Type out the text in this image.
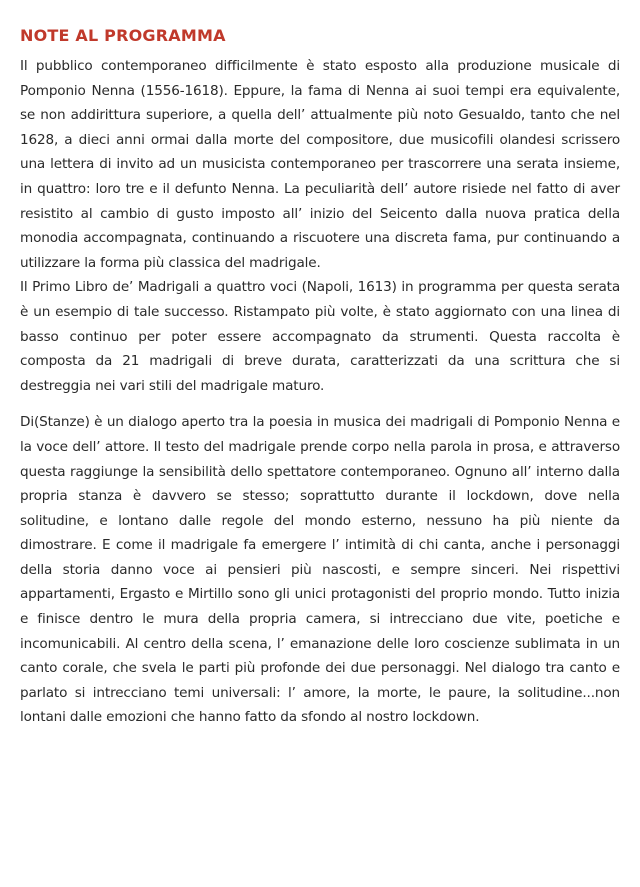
NOTE AL PROGRAMMA

Il pubblico contemporaneo difficilmente è stato esposto alla produzione musicale di Pomponio Nenna (1556-1618). Eppure, la fama di Nenna ai suoi tempi era equivalente, se non addirittura superiore, a quella dell’ attualmente più noto Gesualdo, tanto che nel 1628, a dieci anni ormai dalla morte del compositore, due musicofili olandesi scrissero una lettera di invito ad un musicista contemporaneo per trascorrere una serata insieme, in quattro: loro tre e il defunto Nenna. La peculiarità dell’ autore risiede nel fatto di aver resistito al cambio di gusto imposto all’ inizio del Seicento dalla nuova pratica della monodia accompagnata, continuando a riscuotere una discreta fama, pur continuando a utilizzare la forma più classica del madrigale.

Il Primo Libro de’ Madrigali a quattro voci (Napoli, 1613) in programma per questa serata è un esempio di tale successo. Ristampato più volte, è stato aggiornato con una linea di basso continuo per poter essere accompagnato da strumenti. Questa raccolta è composta da 21 madrigali di breve durata, caratterizzati da una scrittura che si destreggia nei vari stili del madrigale maturo.

Di(Stanze) è un dialogo aperto tra la poesia in musica dei madrigali di Pomponio Nenna e la voce dell’ attore. Il testo del madrigale prende corpo nella parola in prosa, e attraverso questa raggiunge la sensibilità dello spettatore contemporaneo. Ognuno all’ interno dalla propria stanza è davvero se stesso; soprattutto durante il lockdown, dove nella solitudine, e lontano dalle regole del mondo esterno, nessuno ha più niente da dimostrare. E come il madrigale fa emergere l’ intimità di chi canta, anche i personaggi della storia danno voce ai pensieri più nascosti, e sempre sinceri. Nei rispettivi appartamenti, Ergasto e Mirtillo sono gli unici protagonisti del proprio mondo. Tutto inizia e finisce dentro le mura della propria camera, si intrecciano due vite, poetiche e incomunicabili. Al centro della scena, l’ emanazione delle loro coscienze sublimata in un canto corale, che svela le parti più profonde dei due personaggi. Nel dialogo tra canto e parlato si intrecciano temi universali: l’ amore, la morte, le paure, la solitudine...non lontani dalle emozioni che hanno fatto da sfondo al nostro lockdown.
